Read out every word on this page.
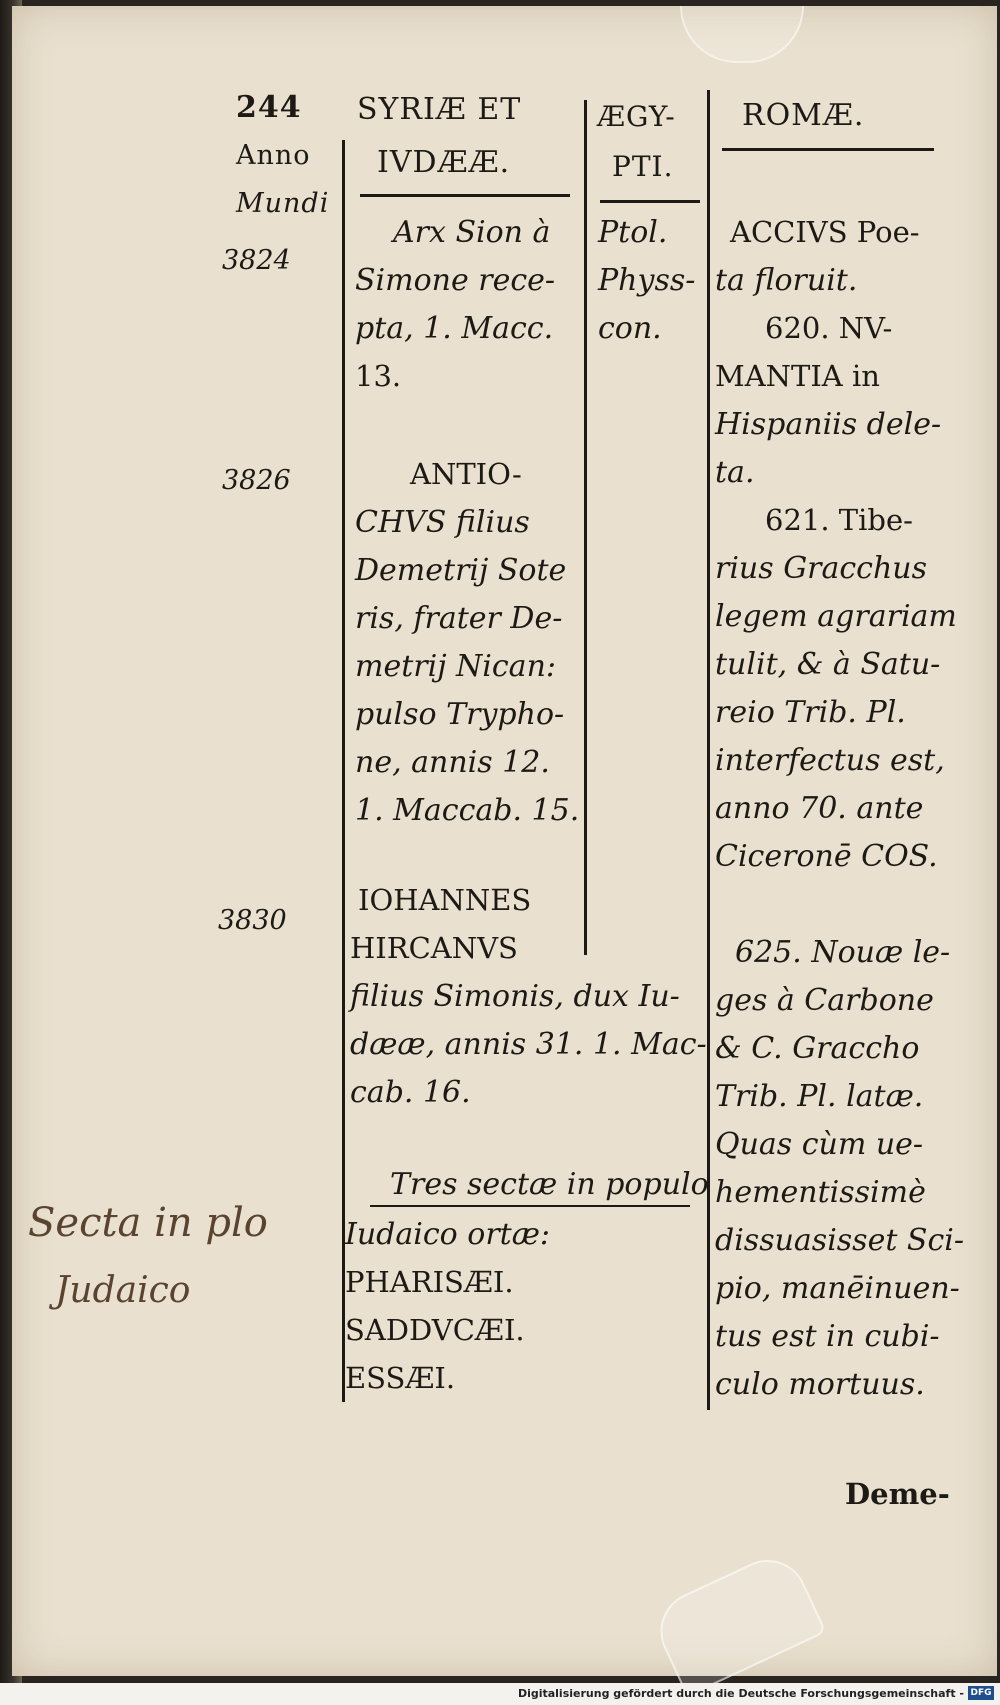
244
Anno
Mundi
SYRIÆ ET
IVDÆÆ.
ÆGY-
PTI.
ROMÆ.
3824
3826
3830
Arx Sion à
Simone rece-
pta, 1. Macc.
13.
ANTIO-
CHVS filius
Demetrij Sote
ris, frater De-
metrij Nican:
pulso Trypho-
ne, annis 12.
1. Maccab. 15.
IOHANNES
HIRCANVS
filius Simonis, dux Iu-
dææ, annis 31. 1. Mac-
cab. 16.
Tres sectæ in populo
Iudaico ortæ:
PHARISÆI.
SADDVCÆI.
ESSÆI.
Ptol.
Physs-
con.
ACCIVS Poe-
ta floruit.
620. NV-
MANTIA in
Hispaniis dele-
ta.
621. Tibe-
rius Gracchus
legem agrariam
tulit, & à Satu-
reio Trib. Pl.
interfectus est,
anno 70. ante
Ciceronē COS.
625. Nouæ le-
ges à Carbone
& C. Graccho
Trib. Pl. latæ.
Quas cùm ue-
hementissimè
dissuasisset Sci-
pio, manēinuen-
tus est in cubi-
culo mortuus.
Deme-
Secta in plo
Judaico
Digitalisierung gefördert durch die Deutsche Forschungsgemeinschaft - DFG
